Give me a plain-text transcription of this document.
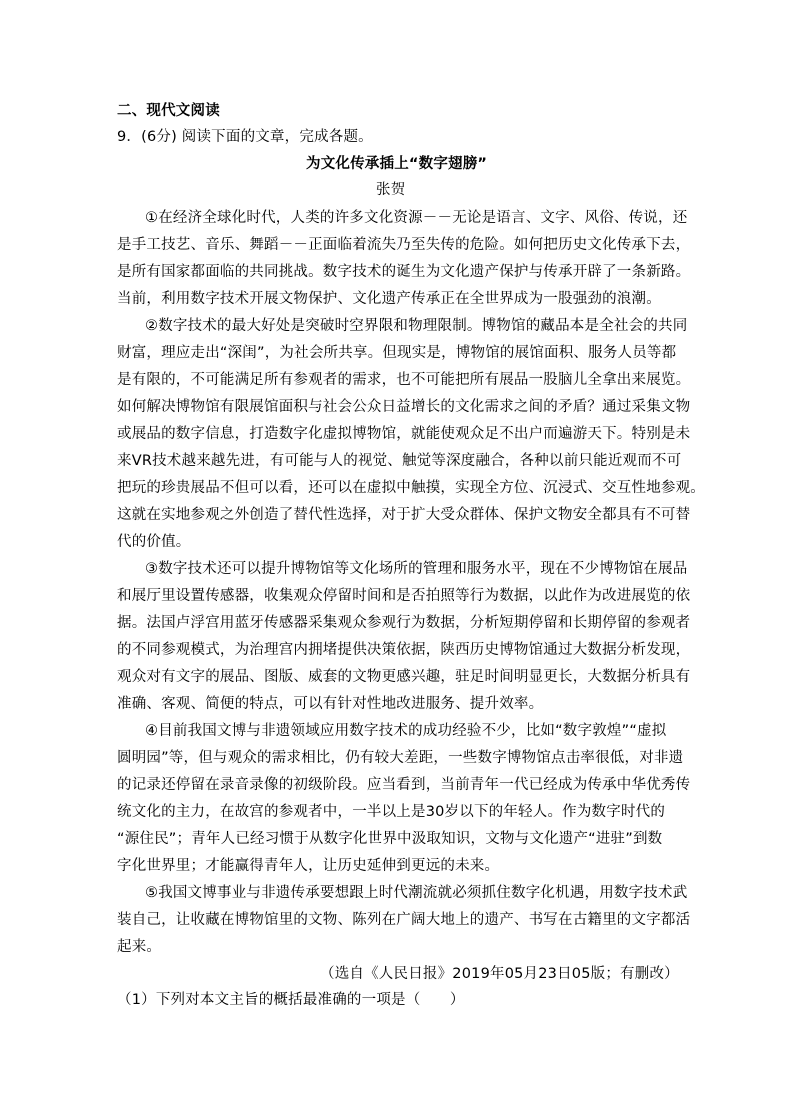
二、现代文阅读
9．(6分) 阅读下面的文章，完成各题。
为文化传承插上“数字翅膀”
张贺
①在经济全球化时代，人类的许多文化资源－－无论是语言、文字、风俗、传说，还
是手工技艺、音乐、舞蹈－－正面临着流失乃至失传的危险。如何把历史文化传承下去，
是所有国家都面临的共同挑战。数字技术的诞生为文化遗产保护与传承开辟了一条新路。
当前，利用数字技术开展文物保护、文化遗产传承正在全世界成为一股强劲的浪潮。
②数字技术的最大好处是突破时空界限和物理限制。博物馆的藏品本是全社会的共同
财富，理应走出“深闺”，为社会所共享。但现实是，博物馆的展馆面积、服务人员等都
是有限的，不可能满足所有参观者的需求，也不可能把所有展品一股脑儿全拿出来展览。
如何解决博物馆有限展馆面积与社会公众日益增长的文化需求之间的矛盾？通过采集文物
或展品的数字信息，打造数字化虚拟博物馆，就能使观众足不出户而遍游天下。特别是未
来VR技术越来越先进，有可能与人的视觉、触觉等深度融合，各种以前只能近观而不可
把玩的珍贵展品不但可以看，还可以在虚拟中触摸，实现全方位、沉浸式、交互性地参观。
这就在实地参观之外创造了替代性选择，对于扩大受众群体、保护文物安全都具有不可替
代的价值。
③数字技术还可以提升博物馆等文化场所的管理和服务水平，现在不少博物馆在展品
和展厅里设置传感器，收集观众停留时间和是否拍照等行为数据，以此作为改进展览的依
据。法国卢浮宫用蓝牙传感器采集观众参观行为数据，分析短期停留和长期停留的参观者
的不同参观模式，为治理宫内拥堵提供决策依据，陕西历史博物馆通过大数据分析发现，
观众对有文字的展品、图版、威套的文物更感兴趣，驻足时间明显更长，大数据分析具有
准确、客观、简便的特点，可以有针对性地改进服务、提升效率。
④目前我国文博与非遗领域应用数字技术的成功经验不少，比如“数字敦煌”“虚拟
圆明园”等，但与观众的需求相比，仍有较大差距，一些数字博物馆点击率很低，对非遗
的记录还停留在录音录像的初级阶段。应当看到，当前青年一代已经成为传承中华优秀传
统文化的主力，在故宫的参观者中，一半以上是30岁以下的年轻人。作为数字时代的
“源住民”；青年人已经习惯于从数字化世界中汲取知识，文物与文化遗产“进驻”到数
字化世界里；才能赢得青年人，让历史延伸到更远的未来。
⑤我国文博事业与非遗传承要想跟上时代潮流就必须抓住数字化机遇，用数字技术武
装自己，让收藏在博物馆里的文物、陈列在广阔大地上的遗产、书写在古籍里的文字都活
起来。
（选自《人民日报》2019年05月23日05版；有删改）
（1）下列对本文主旨的概括最准确的一项是（　　）
